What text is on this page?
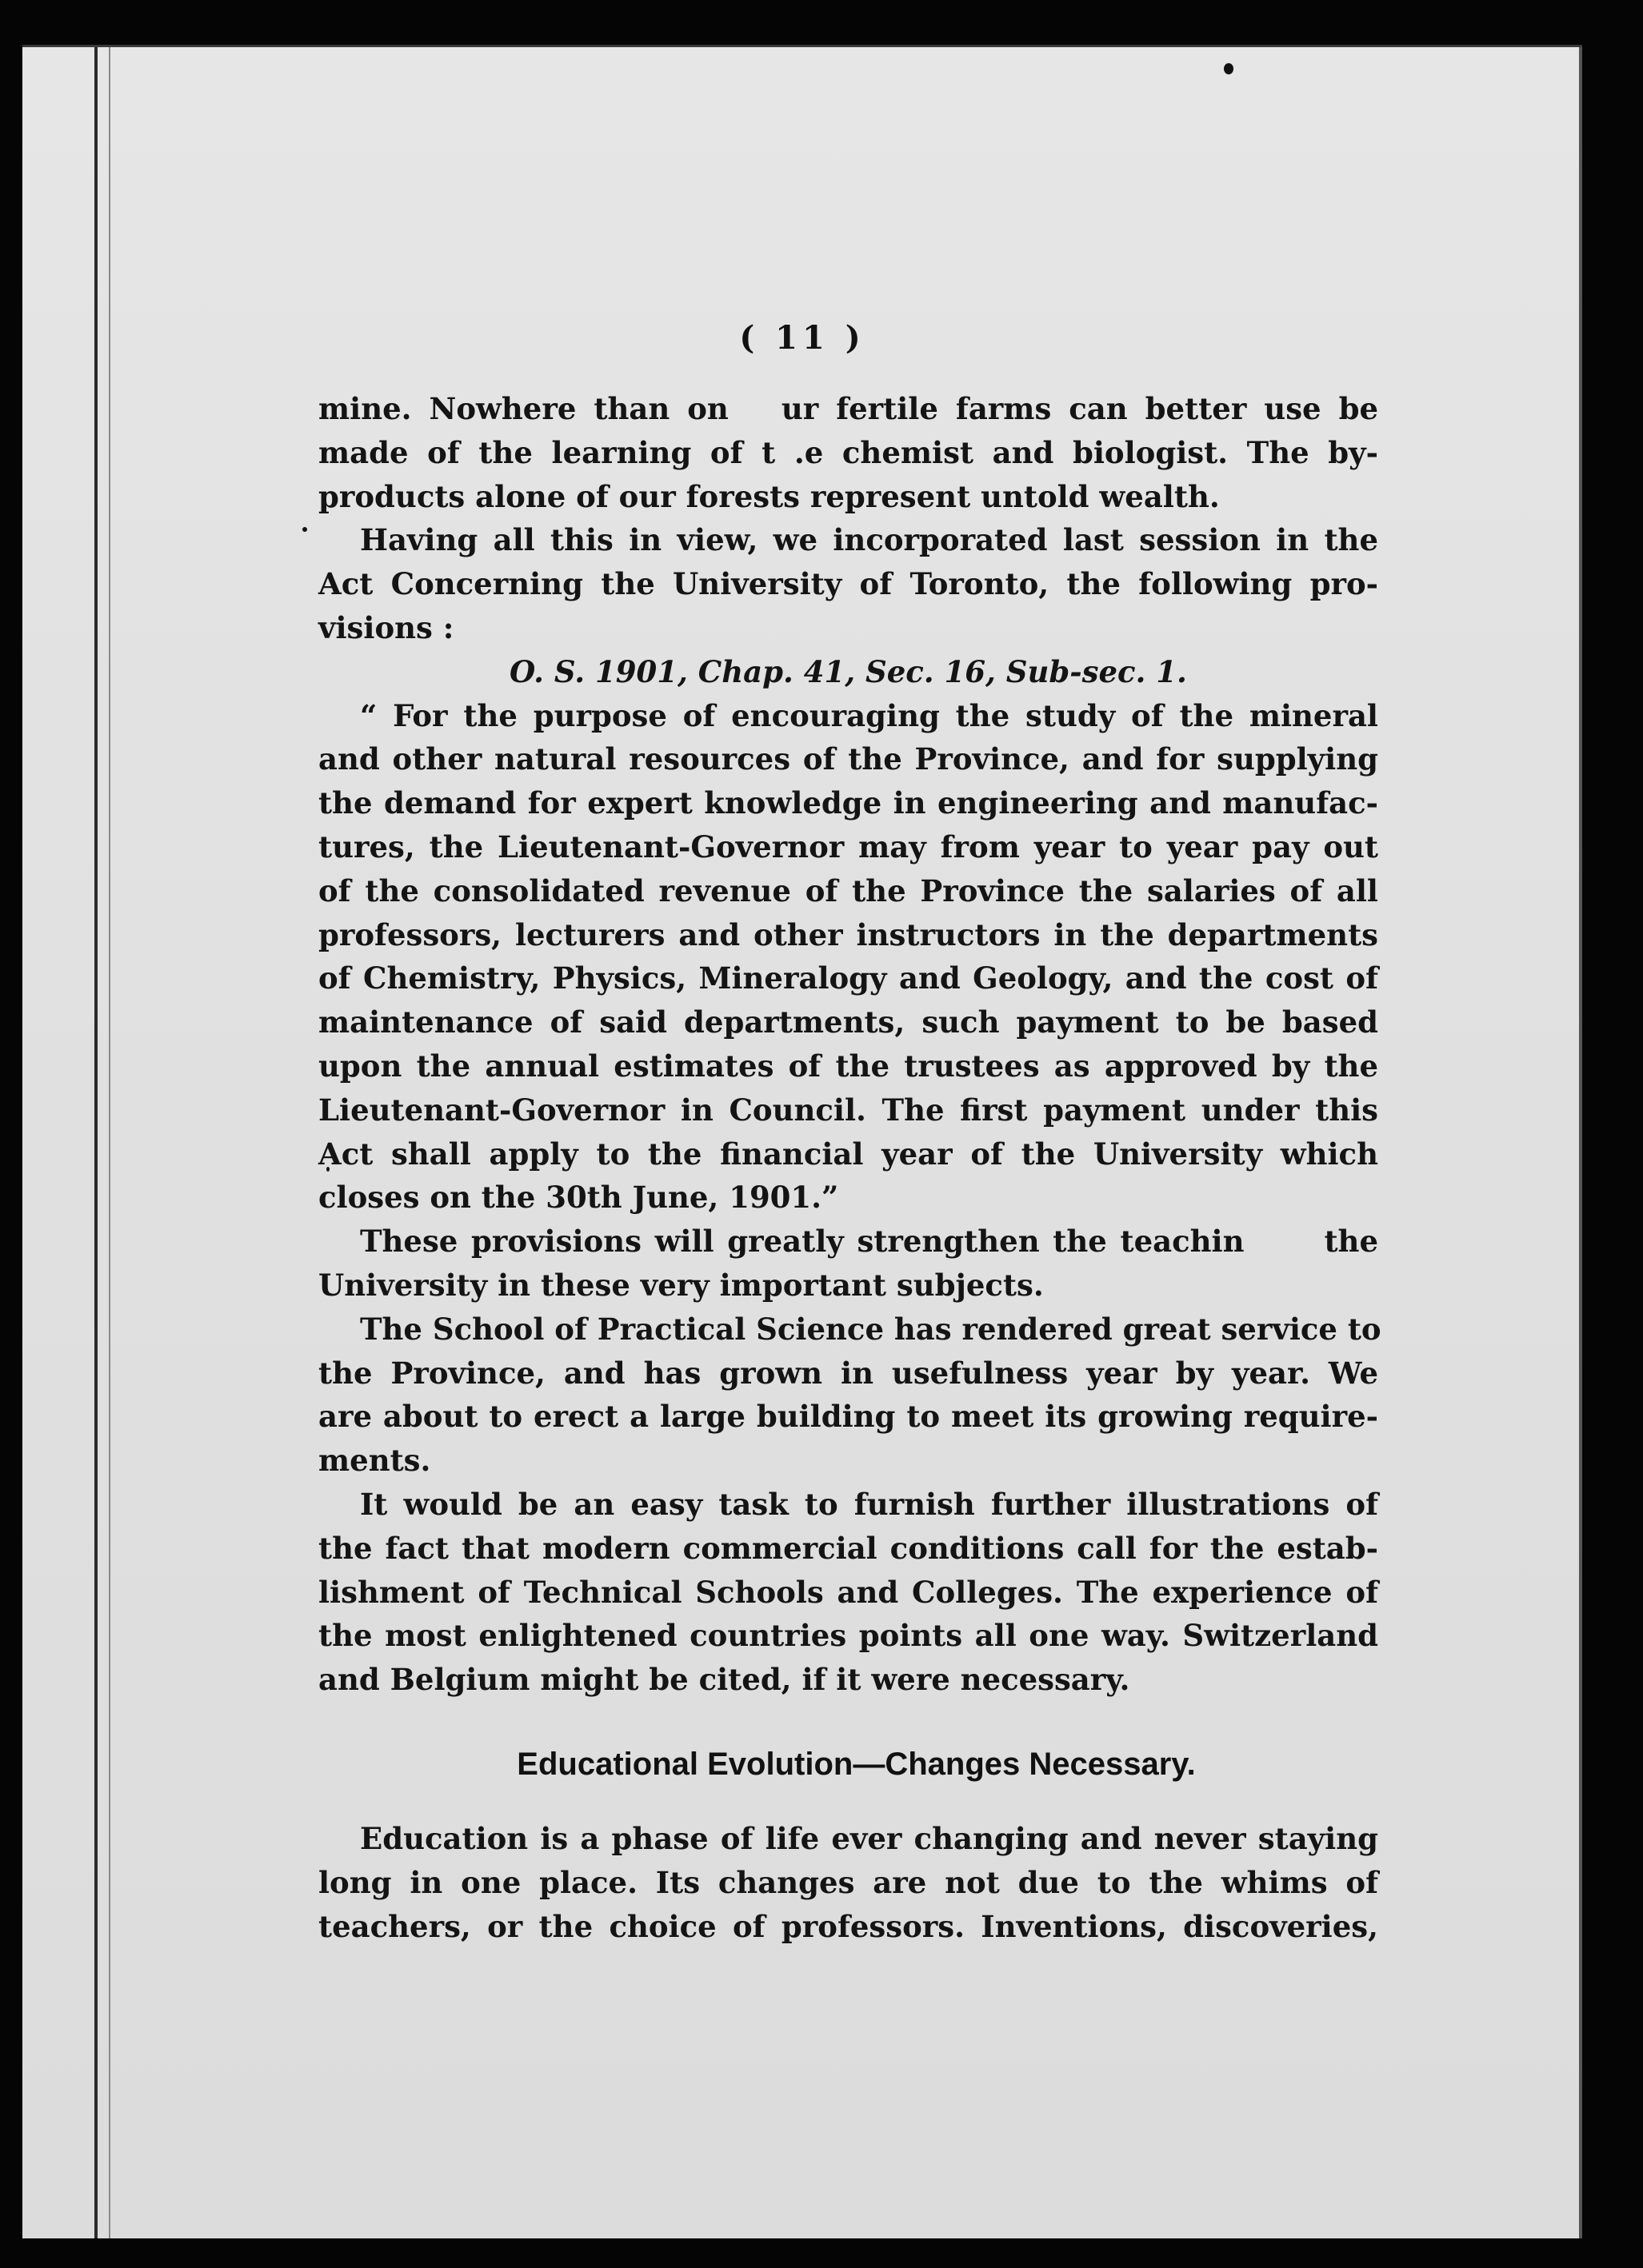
( 11 )
mine. Nowhere than on   ur fertile farms can better use be
made of the learning of t .e chemist and biologist. The by-
products alone of our forests represent untold wealth.
Having all this in view, we incorporated last session in the
Act Concerning the University of Toronto, the following pro-
visions :
O. S. 1901, Chap. 41, Sec. 16, Sub-sec. 1.
“ For the purpose of encouraging the study of the mineral
and other natural resources of the Province, and for supplying
the demand for expert knowledge in engineering and manufac-
tures, the Lieutenant-Governor may from year to year pay out
of the consolidated revenue of the Province the salaries of all
professors, lecturers and other instructors in the departments
of Chemistry, Physics, Mineralogy and Geology, and the cost of
maintenance of said departments, such payment to be based
upon the annual estimates of the trustees as approved by the
Lieutenant-Governor in Council. The first payment under this
Act shall apply to the financial year of the University which
closes on the 30th June, 1901.”
These provisions will greatly strengthen the teachin      the
University in these very important subjects.
The School of Practical Science has rendered great service to
the Province, and has grown in usefulness year by year. We
are about to erect a large building to meet its growing require-
ments.
It would be an easy task to furnish further illustrations of
the fact that modern commercial conditions call for the estab-
lishment of Technical Schools and Colleges. The experience of
the most enlightened countries points all one way. Switzerland
and Belgium might be cited, if it were necessary.
Educational Evolution—Changes Necessary.
Education is a phase of life ever changing and never staying
long in one place. Its changes are not due to the whims of
teachers, or the choice of professors. Inventions, discoveries,
